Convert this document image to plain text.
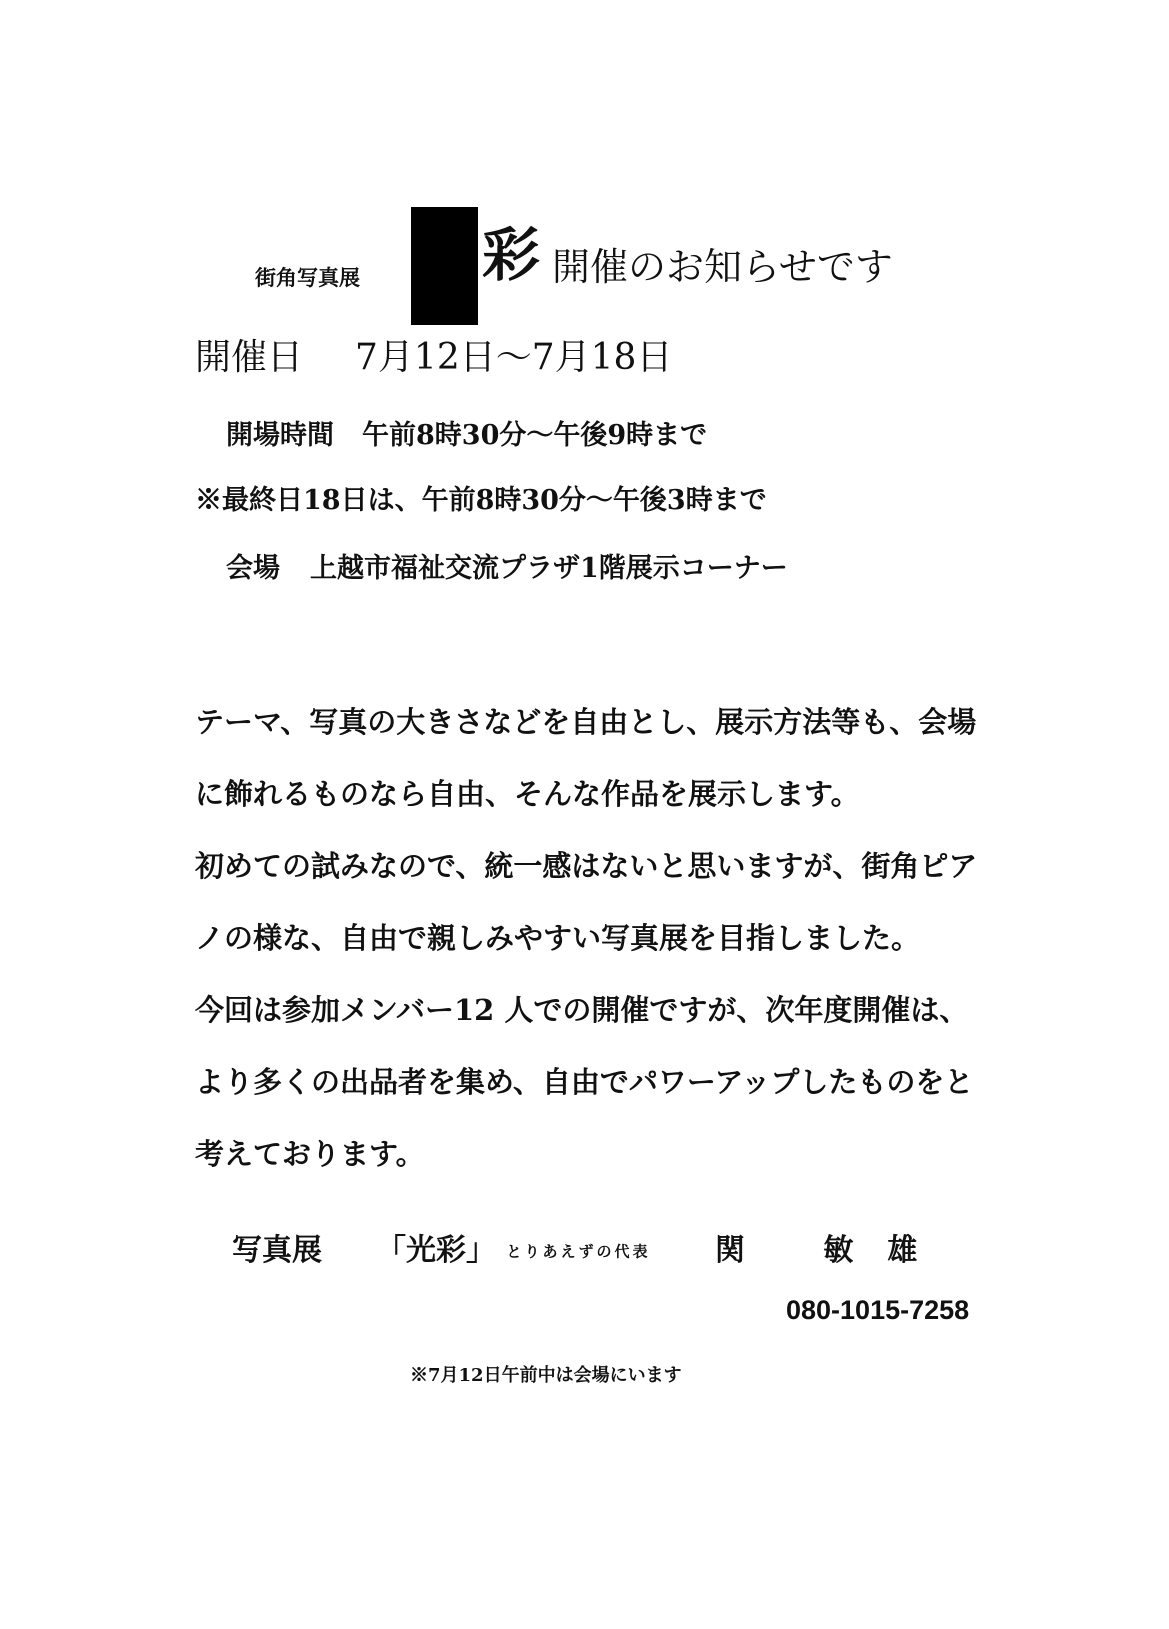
街角写真展 彩 開催のお知らせです
開催日 7月12日～7月18日
開場時間 午前8時30分～午後9時まで
※最終日18日は、午前8時30分～午後3時まで
会場 上越市福祉交流プラザ1階展示コーナー
テーマ、写真の大きさなどを自由とし、展示方法等も、会場
に飾れるものなら自由、そんな作品を展示します。
初めての試みなので、統一感はないと思いますが、街角ピア
ノの様な、自由で親しみやすい写真展を目指しました。
今回は参加メンバー12 人での開催ですが、次年度開催は、
より多くの出品者を集め、自由でパワーアップしたものをと
考えております。
写真展 「光彩」 とりあえずの代表 関 敏雄
080-1015-7258
※7月12日午前中は会場にいます
